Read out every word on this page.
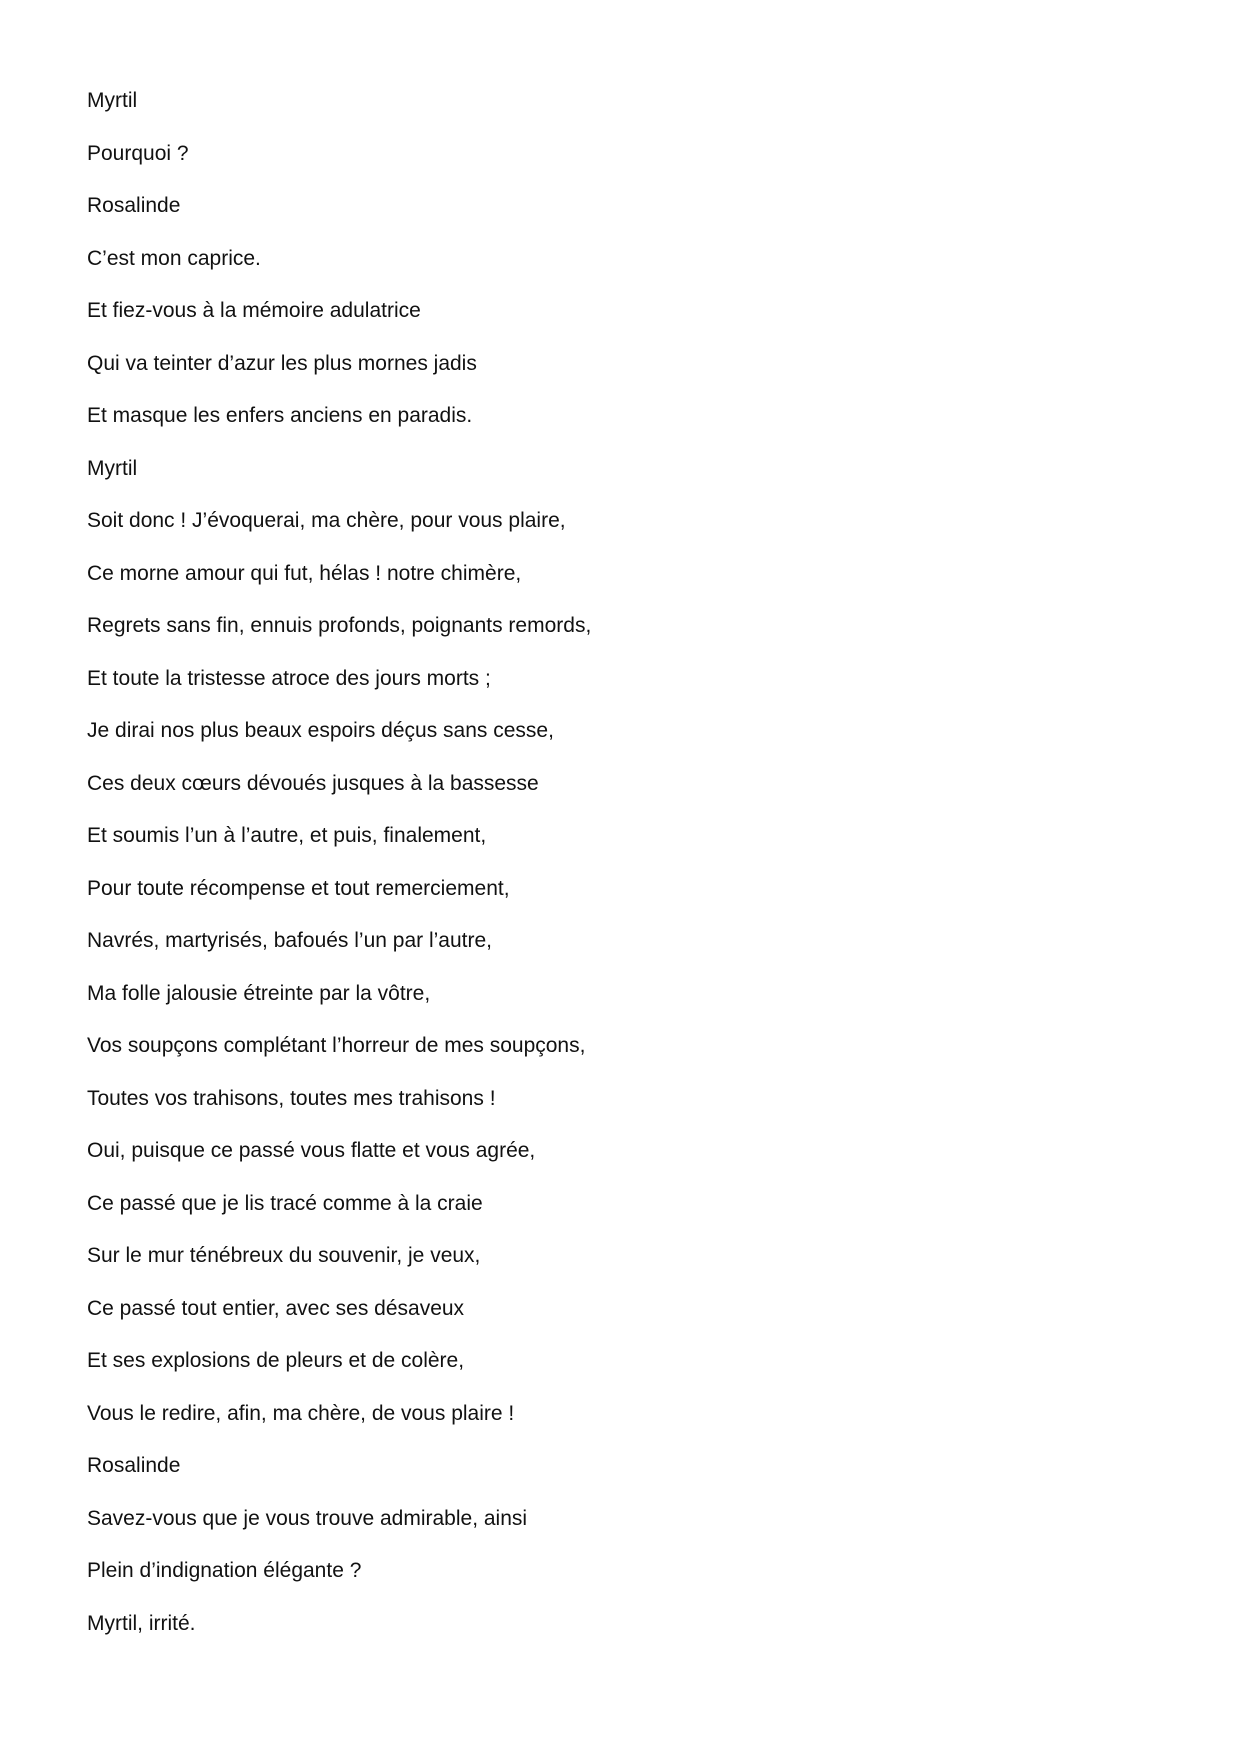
Myrtil
Pourquoi ?
Rosalinde
C’est mon caprice.
Et fiez-vous à la mémoire adulatrice
Qui va teinter d’azur les plus mornes jadis
Et masque les enfers anciens en paradis.
Myrtil
Soit donc ! J’évoquerai, ma chère, pour vous plaire,
Ce morne amour qui fut, hélas ! notre chimère,
Regrets sans fin, ennuis profonds, poignants remords,
Et toute la tristesse atroce des jours morts ;
Je dirai nos plus beaux espoirs déçus sans cesse,
Ces deux cœurs dévoués jusques à la bassesse
Et soumis l’un à l’autre, et puis, finalement,
Pour toute récompense et tout remerciement,
Navrés, martyrisés, bafoués l’un par l’autre,
Ma folle jalousie étreinte par la vôtre,
Vos soupçons complétant l’horreur de mes soupçons,
Toutes vos trahisons, toutes mes trahisons !
Oui, puisque ce passé vous flatte et vous agrée,
Ce passé que je lis tracé comme à la craie
Sur le mur ténébreux du souvenir, je veux,
Ce passé tout entier, avec ses désaveux
Et ses explosions de pleurs et de colère,
Vous le redire, afin, ma chère, de vous plaire !
Rosalinde
Savez-vous que je vous trouve admirable, ainsi
Plein d’indignation élégante ?
Myrtil, irrité.
